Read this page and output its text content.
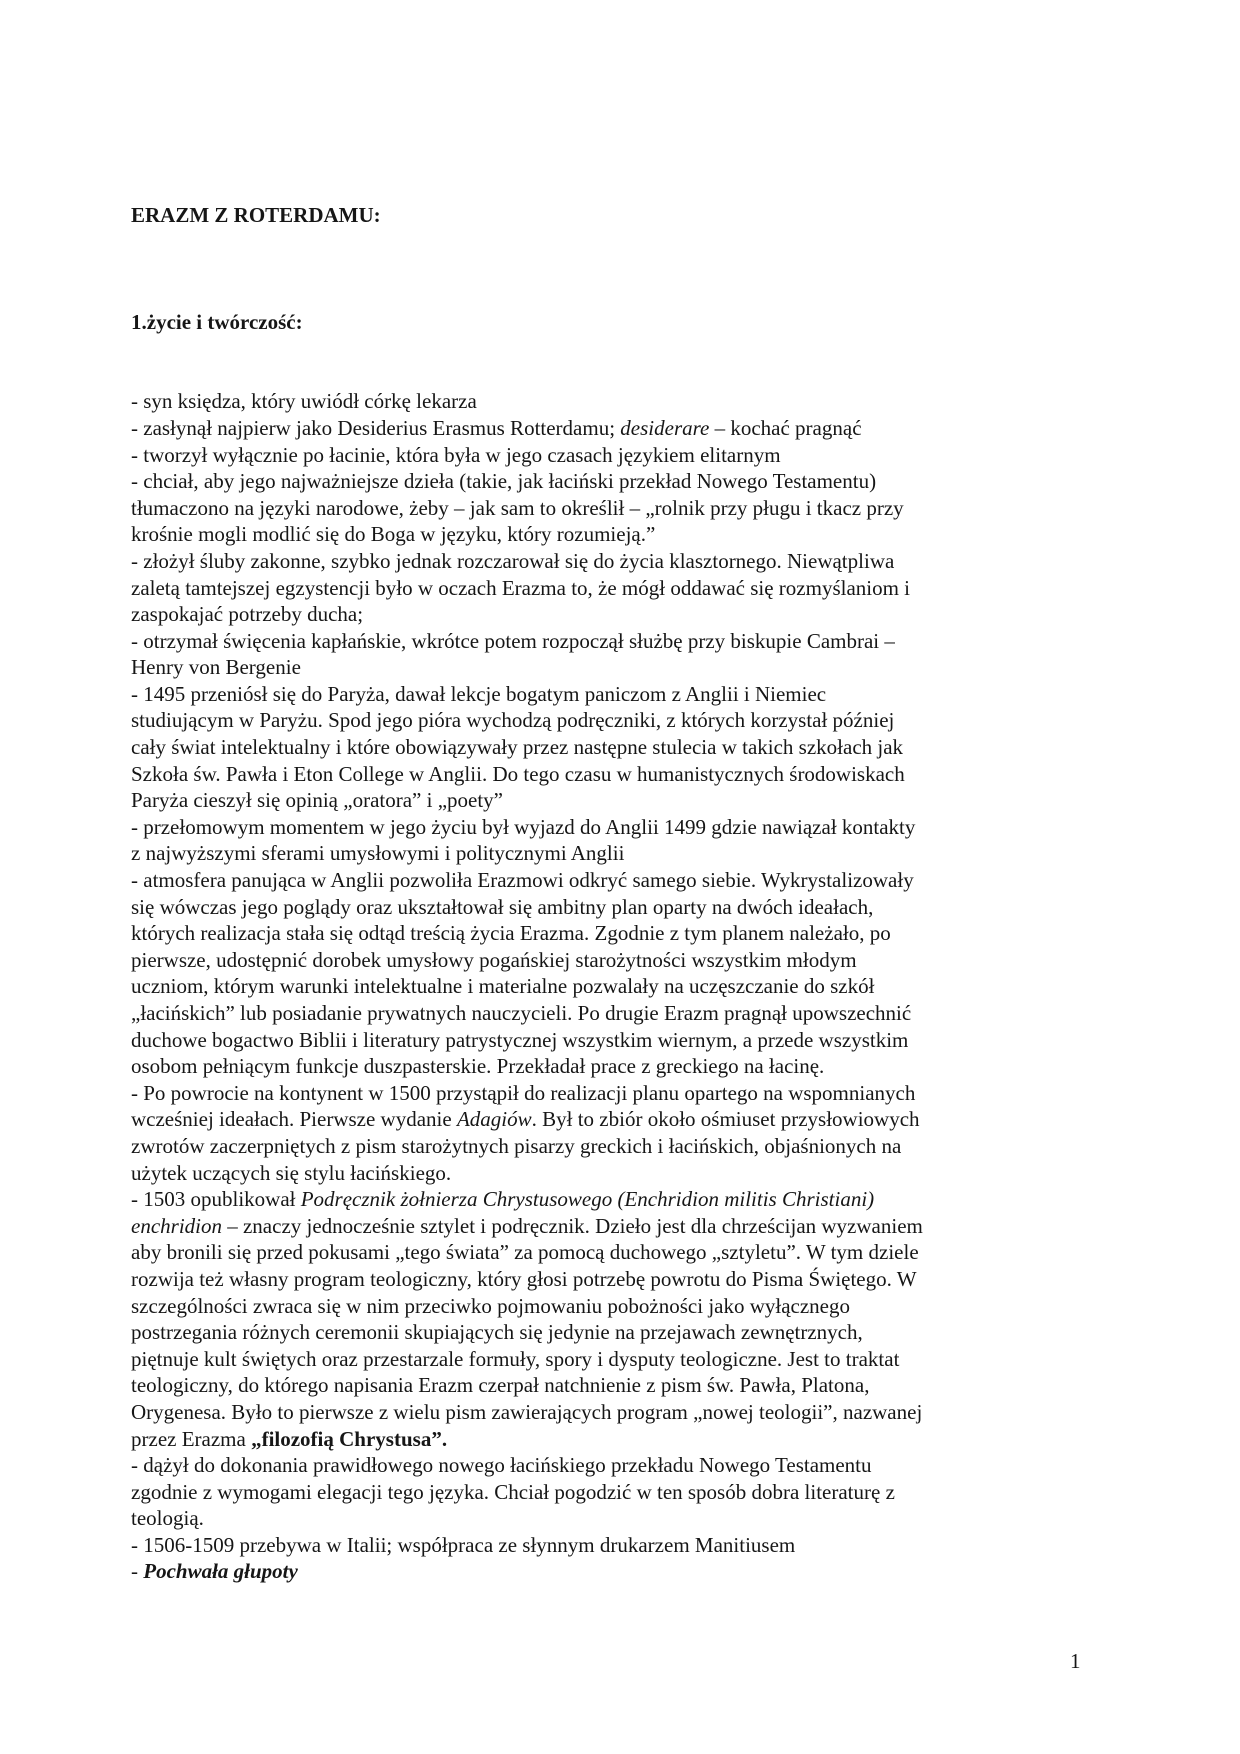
ERAZM Z ROTERDAMU:

1.życie i twórczość:

- syn księdza, który uwiódł córkę lekarza
- zasłynął najpierw jako Desiderius Erasmus Rotterdamu; desiderare – kochać pragnąć
- tworzył wyłącznie po łacinie, która była w jego czasach językiem elitarnym
- chciał, aby jego najważniejsze dzieła (takie, jak łaciński przekład Nowego Testamentu)
tłumaczono na języki narodowe, żeby – jak sam to określił – „rolnik przy pługu i tkacz przy
krośnie mogli modlić się do Boga w języku, który rozumieją.”
- złożył śluby zakonne, szybko jednak rozczarował się do życia klasztornego. Niewątpliwa
zaletą tamtejszej egzystencji było w oczach Erazma to, że mógł oddawać się rozmyślaniom i
zaspokajać potrzeby ducha;
- otrzymał święcenia kapłańskie, wkrótce potem rozpoczął służbę przy biskupie Cambrai –
Henry von Bergenie
- 1495 przeniósł się do Paryża, dawał lekcje bogatym paniczom z Anglii i Niemiec
studiującym w Paryżu. Spod jego pióra wychodzą podręczniki, z których korzystał później
cały świat intelektualny i które obowiązywały przez następne stulecia w takich szkołach jak
Szkoła św. Pawła i Eton College w Anglii. Do tego czasu w humanistycznych środowiskach
Paryża cieszył się opinią „oratora” i „poety”
- przełomowym momentem w jego życiu był wyjazd do Anglii 1499 gdzie nawiązał kontakty
z najwyższymi sferami umysłowymi i politycznymi Anglii
- atmosfera panująca w Anglii pozwoliła Erazmowi odkryć samego siebie. Wykrystalizowały
się wówczas jego poglądy oraz ukształtował się ambitny plan oparty na dwóch ideałach,
których realizacja stała się odtąd treścią życia Erazma. Zgodnie z tym planem należało, po
pierwsze, udostępnić dorobek umysłowy pogańskiej starożytności wszystkim młodym
uczniom, którym warunki intelektualne i materialne pozwalały na uczęszczanie do szkół
„łacińskich” lub posiadanie prywatnych nauczycieli. Po drugie Erazm pragnął upowszechnić
duchowe bogactwo Biblii i literatury patrystycznej wszystkim wiernym, a przede wszystkim
osobom pełniącym funkcje duszpasterskie. Przekładał prace z greckiego na łacinę.
- Po powrocie na kontynent w 1500 przystąpił do realizacji planu opartego na wspomnianych
wcześniej ideałach. Pierwsze wydanie Adagiów. Był to zbiór około ośmiuset przysłowiowych
zwrotów zaczerpniętych z pism starożytnych pisarzy greckich i łacińskich, objaśnionych na
użytek uczących się stylu łacińskiego.
- 1503 opublikował Podręcznik żołnierza Chrystusowego (Enchridion militis Christiani)
enchridion – znaczy jednocześnie sztylet i podręcznik. Dzieło jest dla chrześcijan wyzwaniem
aby bronili się przed pokusami „tego świata” za pomocą duchowego „sztyletu”. W tym dziele
rozwija też własny program teologiczny, który głosi potrzebę powrotu do Pisma Świętego. W
szczególności zwraca się w nim przeciwko pojmowaniu pobożności jako wyłącznego
postrzegania różnych ceremonii skupiających się jedynie na przejawach zewnętrznych,
piętnuje kult świętych oraz przestarzale formuły, spory i dysputy teologiczne. Jest to traktat
teologiczny, do którego napisania Erazm czerpał natchnienie z pism św. Pawła, Platona,
Orygenesa. Było to pierwsze z wielu pism zawierających program „nowej teologii”, nazwanej
przez Erazma „filozofią Chrystusa”.
- dążył do dokonania prawidłowego nowego łacińskiego przekładu Nowego Testamentu
zgodnie z wymogami elegacji tego języka. Chciał pogodzić w ten sposób dobra literaturę z
teologią.
- 1506-1509 przebywa w Italii; współpraca ze słynnym drukarzem Manitiusem
- Pochwała głupoty

1
